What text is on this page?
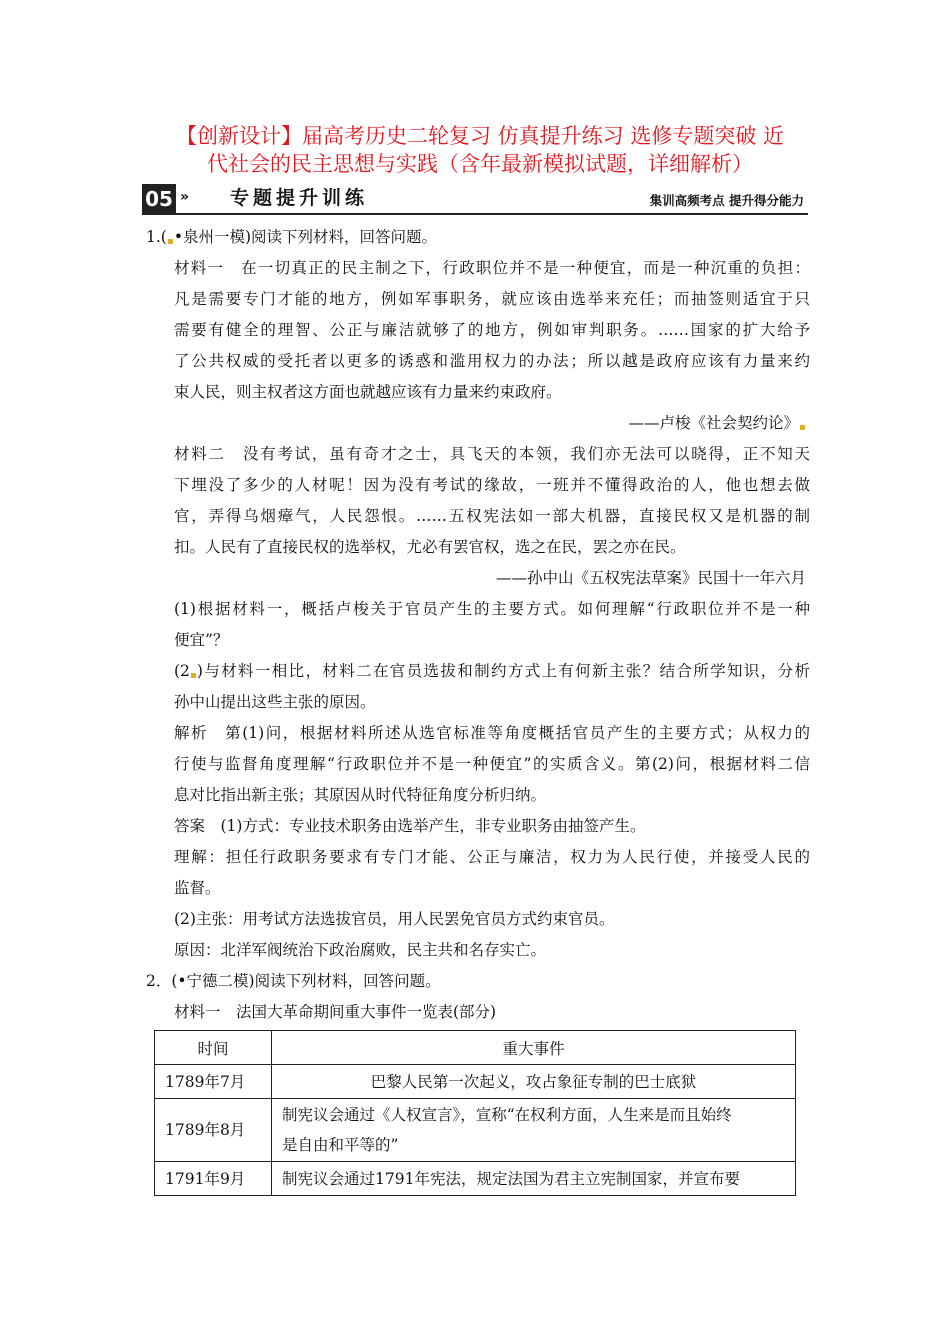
【创新设计】届高考历史二轮复习 仿真提升练习 选修专题突破 近
代社会的民主思想与实践（含年最新模拟试题，详细解析）
05 » 专题提升训练	集训高频考点 提升得分能力
1.( •泉州一模)阅读下列材料，回答问题。
材料一　在一切真正的民主制之下，行政职位并不是一种便宜，而是一种沉重的负担：
凡是需要专门才能的地方，例如军事职务，就应该由选举来充任；而抽签则适宜于只
需要有健全的理智、公正与廉洁就够了的地方，例如审判职务。……国家的扩大给予
了公共权威的受托者以更多的诱惑和滥用权力的办法；所以越是政府应该有力量来约
束人民，则主权者这方面也就越应该有力量来约束政府。
——卢梭《社会契约论》
材料二　没有考试，虽有奇才之士，具飞天的本领，我们亦无法可以晓得，正不知天
下埋没了多少的人材呢！因为没有考试的缘故，一班并不懂得政治的人，他也想去做
官，弄得乌烟瘴气，人民怨恨。……五权宪法如一部大机器，直接民权又是机器的制
扣。人民有了直接民权的选举权，尤必有罢官权，选之在民，罢之亦在民。
——孙中山《五权宪法草案》民国十一年六月
(1)根据材料一，概括卢梭关于官员产生的主要方式。如何理解“行政职位并不是一种
便宜”？
(2 )与材料一相比，材料二在官员选拔和制约方式上有何新主张？结合所学知识，分析
孙中山提出这些主张的原因。
解析　第(1)问，根据材料所述从选官标准等角度概括官员产生的主要方式；从权力的
行使与监督角度理解“行政职位并不是一种便宜”的实质含义。第(2)问，根据材料二信
息对比指出新主张；其原因从时代特征角度分析归纳。
答案　(1)方式：专业技术职务由选举产生，非专业职务由抽签产生。
理解：担任行政职务要求有专门才能、公正与廉洁，权力为人民行使，并接受人民的
监督。
(2)主张：用考试方法选拔官员，用人民罢免官员方式约束官员。
原因：北洋军阀统治下政治腐败，民主共和名存实亡。
2．(•宁德二模)阅读下列材料，回答问题。
材料一　法国大革命期间重大事件一览表(部分)
时间	重大事件
1789年7月	巴黎人民第一次起义，攻占象征专制的巴士底狱
1789年8月	制宪议会通过《人权宣言》，宣称“在权利方面，人生来是而且始终
是自由和平等的”
1791年9月	制宪议会通过1791年宪法，规定法国为君主立宪制国家，并宣布要
